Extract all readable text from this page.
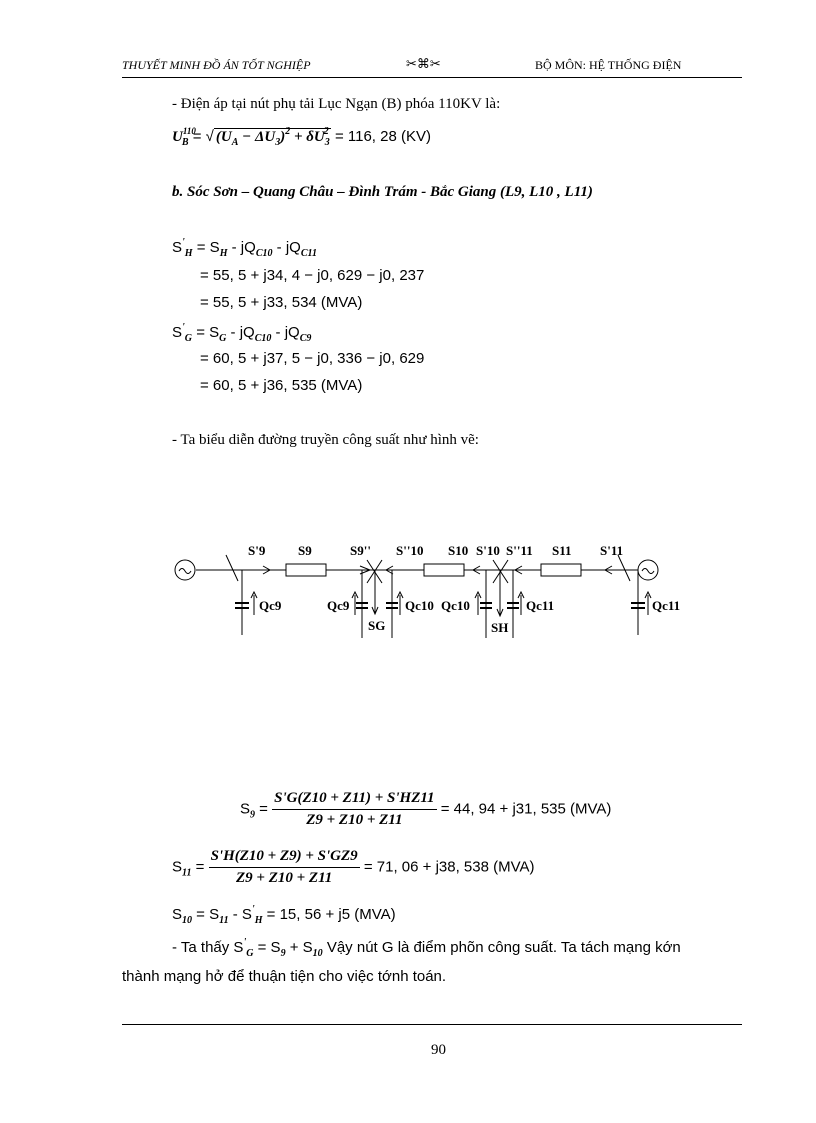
THUYẾT MINH ĐỒ ÁN TỐT NGHIỆP	✂⌘✂	BỘ MÔN: HỆ THỐNG ĐIỆN
- Điện áp tại nút phụ tải Lục Ngạn (B) phóa 110KV là:
$U^{110}_B$ = √ $(U_A - \Delta U_3)^2 + \delta U_3^2 = 116$, 28 (KV)
b. Sóc Sơn – Quang Châu – Đình Trám - Bắc Giang (L9, L10 , L11)
$S'_H = S_H - jQ_{C10} - jQ_{C11}$
= 55, 5 + j34, 4 − j0, 629 − j0, 237
= 55, 5 + j33, 534 (MVA)
$S'_G = S_G - jQ_{C10} - jQ_{C9}$
= 60, 5 + j37, 5 − j0, 336 − j0, 629
= 60, 5 + j36, 535 (MVA)
- Ta biểu diễn đường truyền công suất như hình vẽ:
Qc9
S'9	S9	S9''
Qc9
SG
Qc10
S''10 S10 S'10
Qc10
SH
Qc11
S''11 S11 S'11
Qc11
$S_9 = \frac{S'G(Z10 + Z11) + S'HZ11}{Z9 + Z10 + Z11} = 44$, 94 + j31, 535 (MVA)
$S_{11} = \frac{S'H(Z10 + Z9) + S'GZ9}{Z9 + Z10 + Z11} = 71$, 06 + j38, 538 (MVA)
$S_{10} = S_{11} - S'_H = 15$, 56 + j5 (MVA)
- Ta thấy $S'_G = S_9 + S_{10}$ Vậy nút G là điểm phõn công suất. Ta tách mạng kớn
thành mạng hở để thuận tiện cho việc tớnh toán.
90
